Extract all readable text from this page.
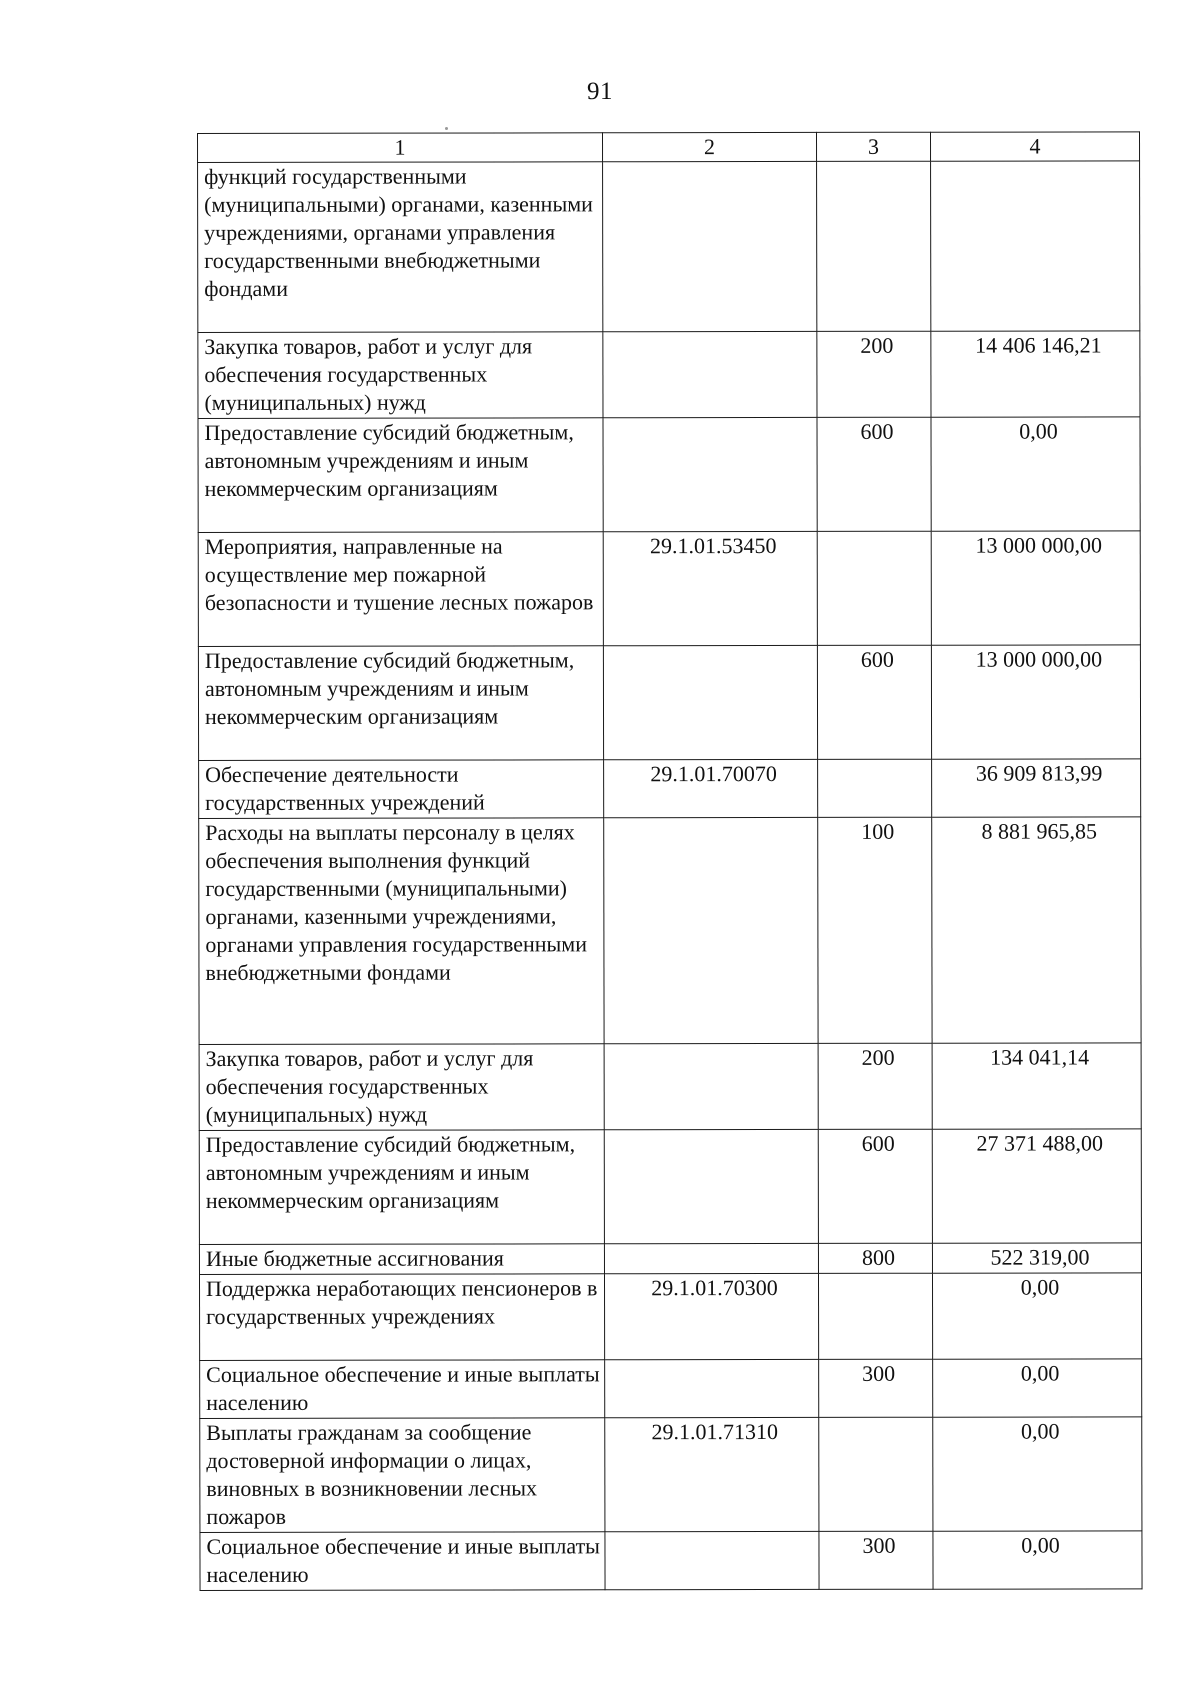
91
1	2	3	4
функций государственными (муниципальными) органами, казенными учреждениями, органами управления государственными внебюджетными фондами			
Закупка товаров, работ и услуг для обеспечения государственных (муниципальных) нужд		200	14 406 146,21
Предоставление субсидий бюджетным, автономным учреждениям и иным некоммерческим организациям		600	0,00
Мероприятия, направленные на осуществление мер пожарной безопасности и тушение лесных пожаров	29.1.01.53450		13 000 000,00
Предоставление субсидий бюджетным, автономным учреждениям и иным некоммерческим организациям		600	13 000 000,00
Обеспечение деятельности государственных учреждений	29.1.01.70070		36 909 813,99
Расходы на выплаты персоналу в целях обеспечения выполнения функций государственными (муниципальными) органами, казенными учреждениями, органами управления государственными внебюджетными фондами		100	8 881 965,85
Закупка товаров, работ и услуг для обеспечения государственных (муниципальных) нужд		200	134 041,14
Предоставление субсидий бюджетным, автономным учреждениям и иным некоммерческим организациям		600	27 371 488,00
Иные бюджетные ассигнования		800	522 319,00
Поддержка неработающих пенсионеров в государственных учреждениях	29.1.01.70300		0,00
Социальное обеспечение и иные выплаты населению		300	0,00
Выплаты гражданам за сообщение достоверной информации о лицах, виновных в возникновении лесных пожаров	29.1.01.71310		0,00
Социальное обеспечение и иные выплаты населению		300	0,00
